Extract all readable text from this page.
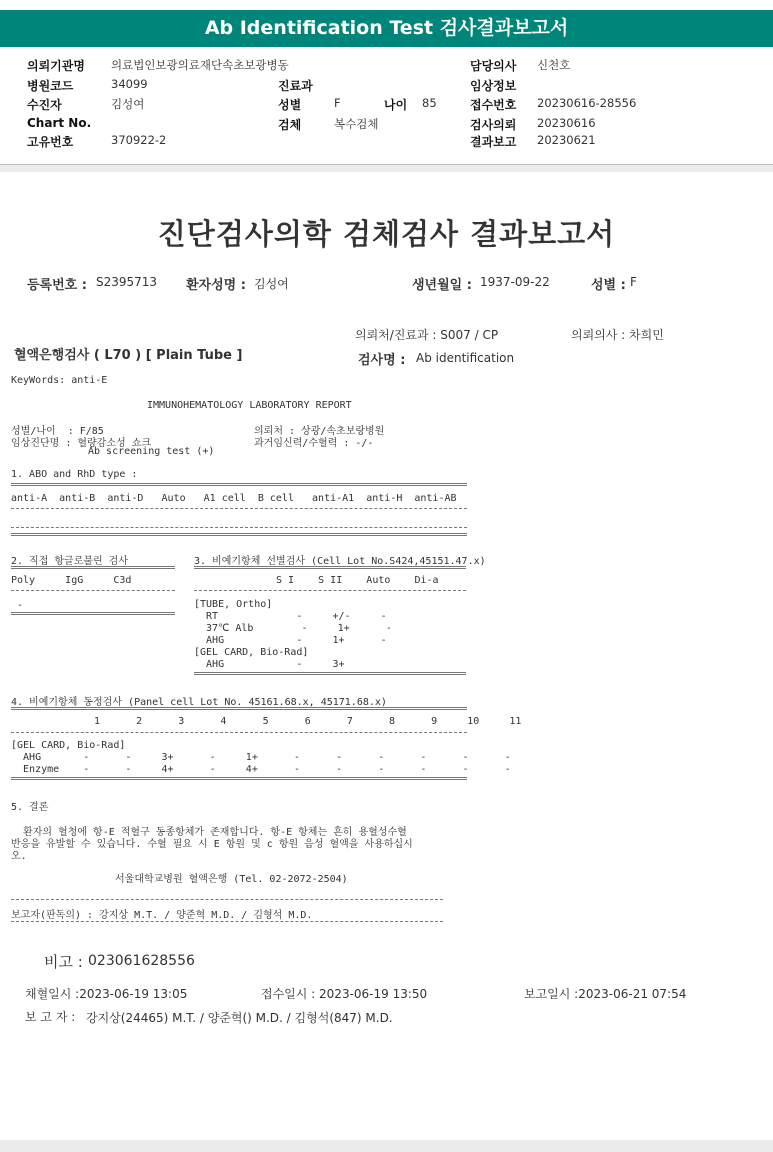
Ab Identification Test 검사결과보고서
의뢰기관명 의료법인보광의료재단속초보광병동
병원코드	34099
수진자	김성여
Chart No.
고유번호	370922-2
진료과
성별	F	나이 85
검체	복수검체
담당의사 신천호
임상정보
접수번호 20230616-28556
검사의뢰 20230616
결과보고 20230621
진단검사의학 검체검사 결과보고서
등록번호 : S2395713 환자성명 : 김성여	생년월일 : 1937-09-22	성별 : F
의뢰처/진료과 : S007 / CP	의뢰의사 : 차희민
혈액은행검사 ( L70 ) [ Plain Tube ]	검사명 : Ab identification
KeyWords: anti-E
IMMUNOHEMATOLOGY LABORATORY REPORT
성별/나이  : F/85	의뢰처 : 상광/속초보랑병원
임상진단명 : 혈량감소성 쇼크	과거임신력/수혈력 : -/-
Ab screening test (+)
1. ABO and RhD type :
anti-A  anti-B  anti-D   Auto   A1 cell  B cell   anti-A1  anti-H  anti-AB
2. 직접 항글로불린 검사
Poly     IgG     C3d
-
3. 비예기항체 선별검사 (Cell Lot No.S424,45151.47.x)
S I    S II    Auto    Di-a
[TUBE, Ortho]
RT             -     +/-     -
37℃ Alb        -     1+      -
AHG            -     1+      -
[GEL CARD, Bio-Rad]
AHG            -     3+
4. 비예기항체 동정검사 (Panel cell Lot No. 45161.68.x, 45171.68.x)
1      2      3      4      5      6      7      8      9     10     11
[GEL CARD, Bio-Rad]
AHG       -      -     3+      -     1+      -      -      -      -      -      -
Enzyme    -      -     4+      -     4+      -      -      -      -      -      -
5. 결론
환자의 혈청에 항-E 적혈구 동종항체가 존재합니다. 항-E 항체는 흔히 용혈성수혈
반응을 유발할 수 있습니다. 수혈 필요 시 E 항원 및 c 항원 음성 혈액을 사용하십시
오.
서울대학교병원 혈액은행 (Tel. 02-2072-2504)
보고자(판독의) : 강지상 M.T. / 양준혁 M.D. / 김형석 M.D.
비고 : 023061628556
채혈일시 :2023-06-19 13:05	접수일시 : 2023-06-19 13:50	보고일시 :2023-06-21 07:54
보 고 자 : 강지상(24465) M.T. / 양준혁() M.D. / 김형석(847) M.D.
